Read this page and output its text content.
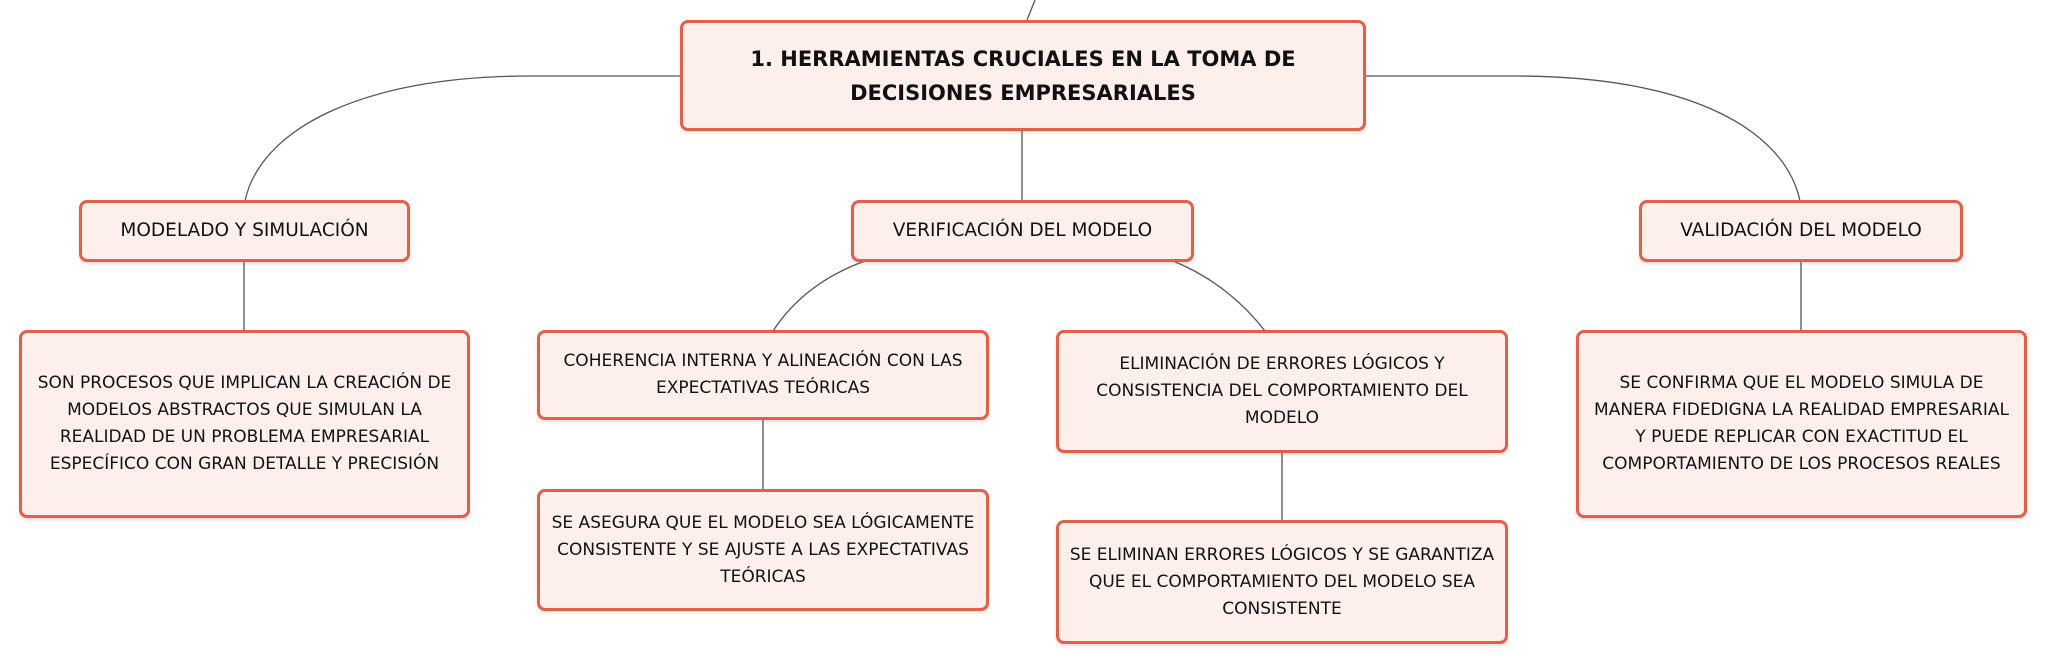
1. HERRAMIENTAS CRUCIALES EN LA TOMA DE DECISIONES EMPRESARIALES
MODELADO Y SIMULACIÓN	VERIFICACIÓN DEL MODELO	VALIDACIÓN DEL MODELO
SON PROCESOS QUE IMPLICAN LA CREACIÓN DE MODELOS ABSTRACTOS QUE SIMULAN LA REALIDAD DE UN PROBLEMA EMPRESARIAL ESPECÍFICO CON GRAN DETALLE Y PRECISIÓN
COHERENCIA INTERNA Y ALINEACIÓN CON LAS EXPECTATIVAS TEÓRICAS
ELIMINACIÓN DE ERRORES LÓGICOS Y CONSISTENCIA DEL COMPORTAMIENTO DEL MODELO
SE CONFIRMA QUE EL MODELO SIMULA DE MANERA FIDEDIGNA LA REALIDAD EMPRESARIAL Y PUEDE REPLICAR CON EXACTITUD EL COMPORTAMIENTO DE LOS PROCESOS REALES
SE ASEGURA QUE EL MODELO SEA LÓGICAMENTE CONSISTENTE Y SE AJUSTE A LAS EXPECTATIVAS TEÓRICAS
SE ELIMINAN ERRORES LÓGICOS Y SE GARANTIZA QUE EL COMPORTAMIENTO DEL MODELO SEA CONSISTENTE
